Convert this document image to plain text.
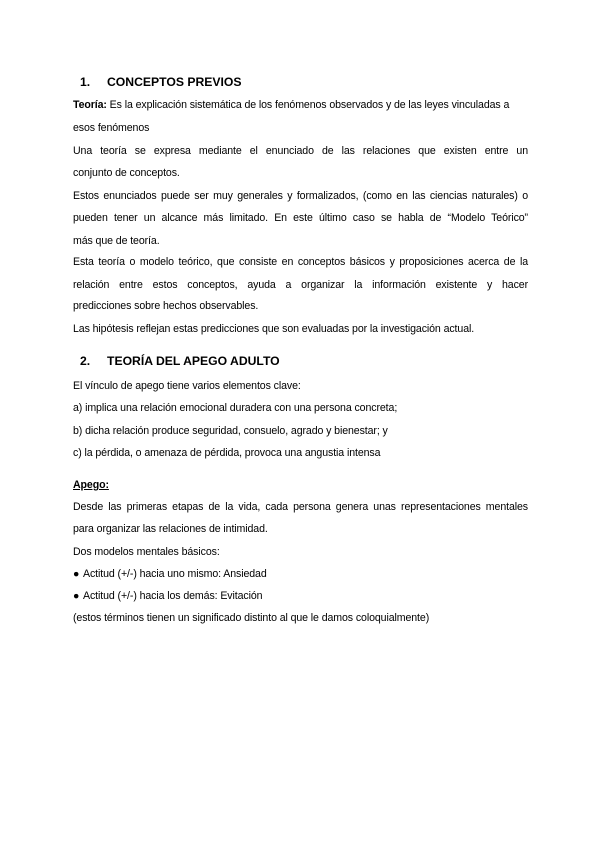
1. CONCEPTOS PREVIOS
Teoría: Es la explicación sistemática de los fenómenos observados y de las leyes vinculadas a
esos fenómenos
Una teoría se expresa mediante el enunciado de las relaciones que existen entre un
conjunto de conceptos.
Estos enunciados puede ser muy generales y formalizados, (como en las ciencias naturales) o
pueden tener un alcance más limitado. En este último caso se habla de “Modelo Teórico”
más que de teoría.
Esta teoría o modelo teórico, que consiste en conceptos básicos y proposiciones acerca de la
relación entre estos conceptos, ayuda a organizar la información existente y hacer
predicciones sobre hechos observables.
Las hipótesis reflejan estas predicciones que son evaluadas por la investigación actual.
2. TEORÍA DEL APEGO ADULTO
El vínculo de apego tiene varios elementos clave:
a) implica una relación emocional duradera con una persona concreta;
b) dicha relación produce seguridad, consuelo, agrado y bienestar; y
c) la pérdida, o amenaza de pérdida, provoca una angustia intensa
Apego:
Desde las primeras etapas de la vida, cada persona genera unas representaciones mentales
para organizar las relaciones de intimidad.
Dos modelos mentales básicos:
● Actitud (+/-) hacia uno mismo: Ansiedad
● Actitud (+/-) hacia los demás: Evitación
(estos términos tienen un significado distinto al que le damos coloquialmente)
